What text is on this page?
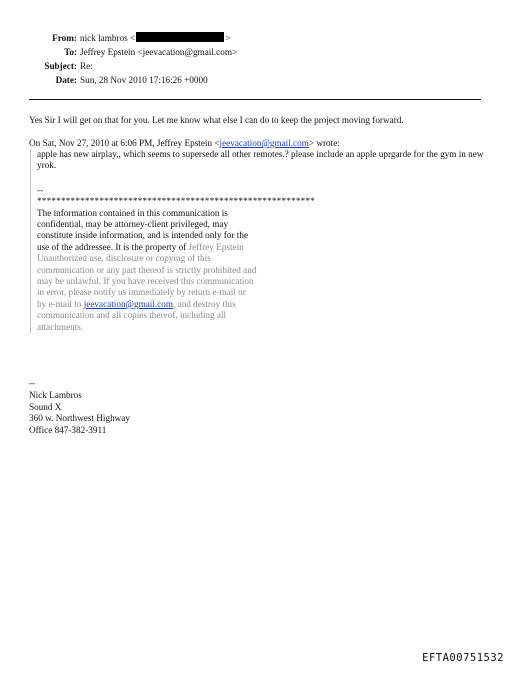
From: nick lambros <	>
To: Jeffrey Epstein <jeevacation@gmail.com>
Subject: Re:
Date: Sun, 28 Nov 2010 17:16:26 +0000
Yes Sir I will get on that for you. Let me know what else I can do to keep the project moving forward.
On Sat, Nov 27, 2010 at 6:06 PM, Jeffrey Epstein <jeevacation@gmail.com> wrote:
apple has new airplay,, which seems to supersede all other remotes.? please include an apple uprgarde for the gym in new yrok.
--
**********************************************************
The information contained in this communication is confidential, may be attorney-client privileged, may constitute inside information, and is intended only for the use of the addressee. It is the property of Jeffrey Epstein Unauthorized use, disclosure or copying of this communication or any part thereof is strictly prohibited and may be unlawful. If you have received this communication in error, please notify us immediately by return e-mail or by e-mail to jeevacation@gmail.com, and destroy this communication and all copies thereof, including all attachments.
--
Nick Lambros
Sound X
360 w. Northwest Highway
Office 847-382-3911
EFTA00751532
